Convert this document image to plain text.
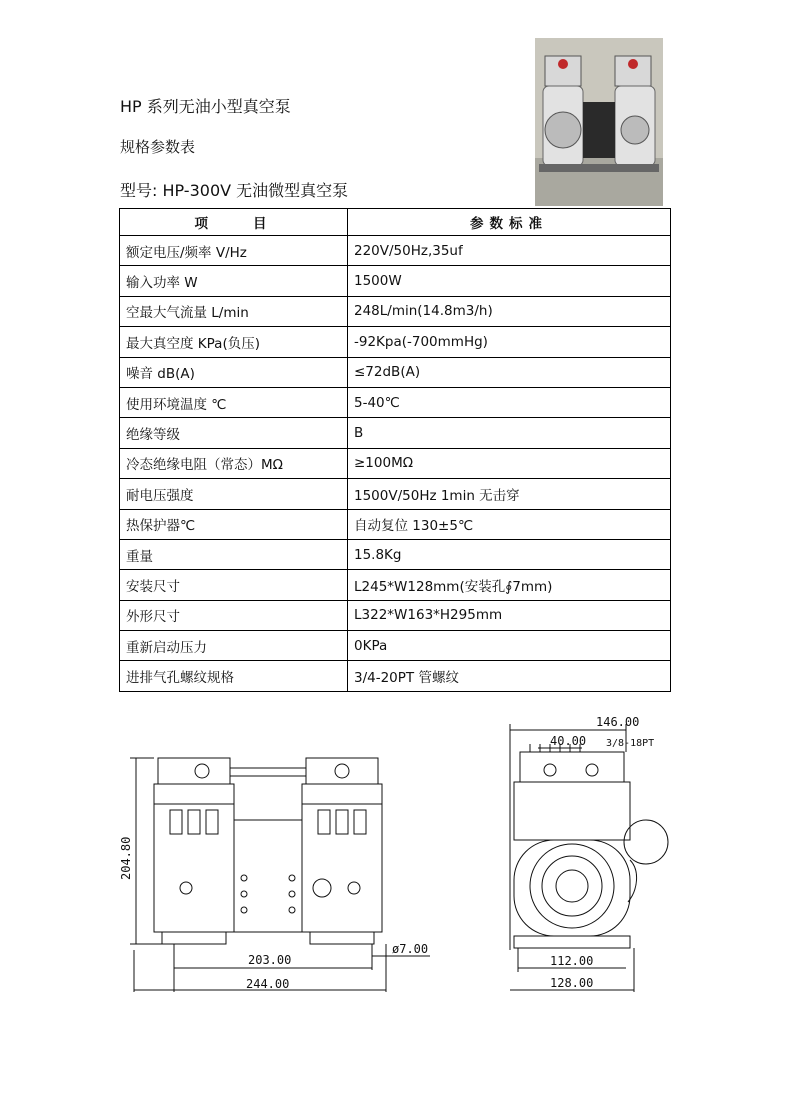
HP 系列无油小型真空泵
规格参数表
型号: HP-300V 无油微型真空泵
项　　目	参数标准
额定电压/频率 V/Hz	220V/50Hz,35uf
输入功率 W	1500W
空最大气流量 L/min	248L/min(14.8m3/h)
最大真空度 KPa(负压)	-92Kpa(-700mmHg)
噪音 dB(A)	≤72dB(A)
使用环境温度 ℃	5-40℃
绝缘等级	B
冷态绝缘电阻（常态）MΩ	≥100MΩ
耐电压强度	1500V/50Hz 1min 无击穿
热保护器℃	自动复位 130±5℃
重量	15.8Kg
安装尺寸	L245*W128mm(安装孔∮7mm)
外形尺寸	L322*W163*H295mm
重新启动压力	0KPa
进排气孔螺纹规格	3/4-20PT 管螺纹
204.80
ø7.00
203.00
244.00
146.00
40.00 3/8-18PT
112.00
128.00
